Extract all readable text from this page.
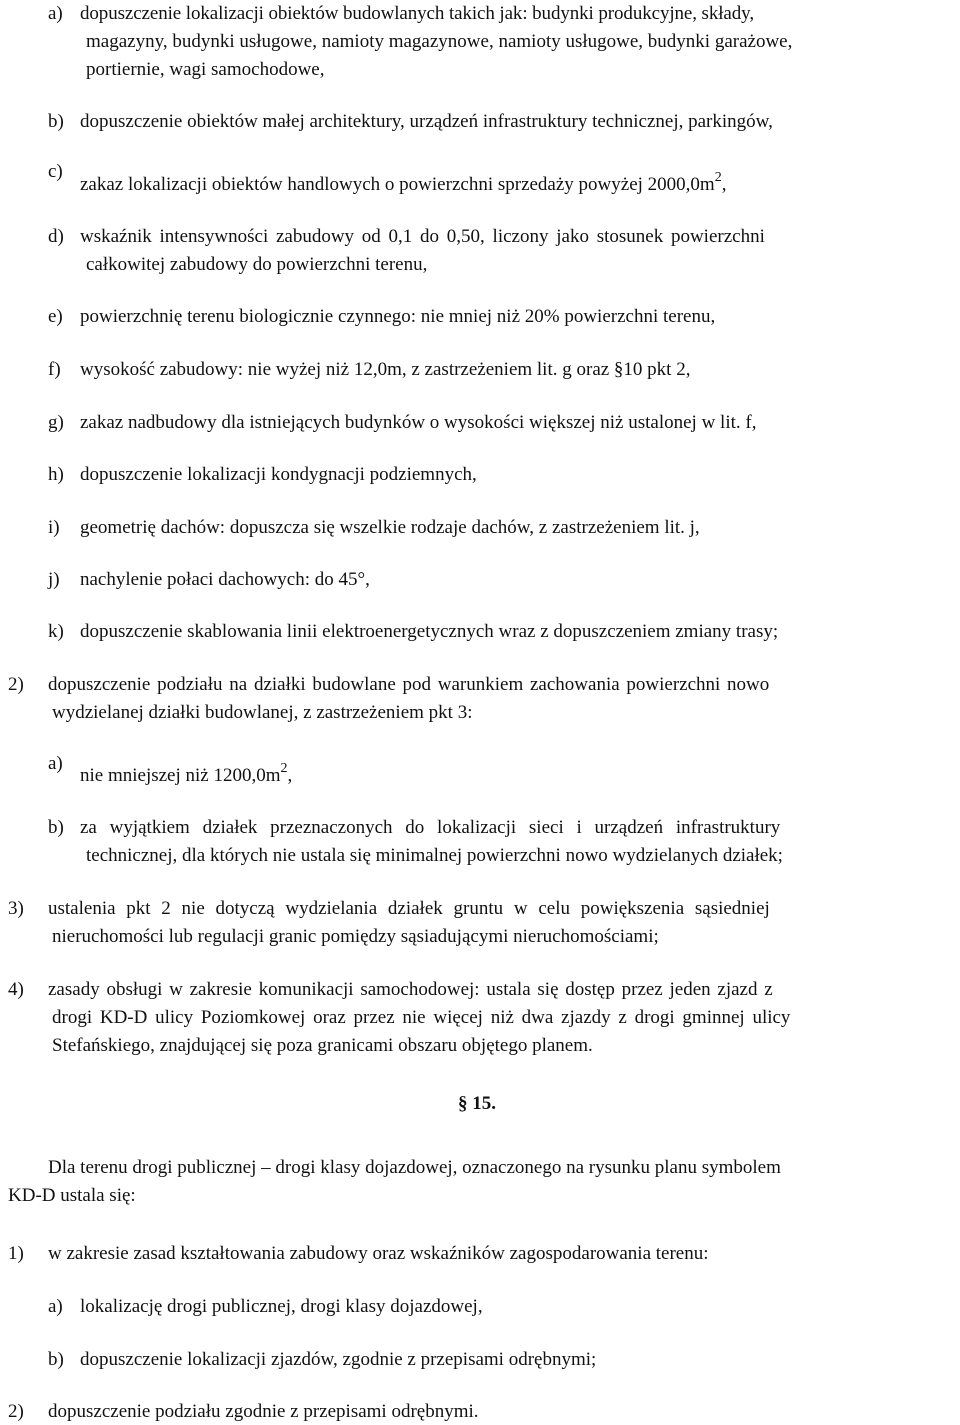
a) dopuszczenie lokalizacji obiektów budowlanych takich jak: budynki produkcyjne, składy,
magazyny, budynki usługowe, namioty magazynowe, namioty usługowe, budynki garażowe,
portiernie, wagi samochodowe,
b) dopuszczenie obiektów małej architektury, urządzeń infrastruktury technicznej, parkingów,
c)
zakaz lokalizacji obiektów handlowych o powierzchni sprzedaży powyżej $2000,0m^2$,
d) wskaźnik intensywności zabudowy od 0,1 do 0,50, liczony jako stosunek powierzchni
całkowitej zabudowy do powierzchni terenu,
e) powierzchnię terenu biologicznie czynnego: nie mniej niż 20% powierzchni terenu,
f) wysokość zabudowy: nie wyżej niż 12,0m, z zastrzeżeniem lit. g oraz §10 pkt 2,
g) zakaz nadbudowy dla istniejących budynków o wysokości większej niż ustalonej w lit. f,
h) dopuszczenie lokalizacji kondygnacji podziemnych,
i) geometrię dachów: dopuszcza się wszelkie rodzaje dachów, z zastrzeżeniem lit. j,
j) nachylenie połaci dachowych: do 45°,
k) dopuszczenie skablowania linii elektroenergetycznych wraz z dopuszczeniem zmiany trasy;
2) dopuszczenie podziału na działki budowlane pod warunkiem zachowania powierzchni nowo
wydzielanej działki budowlanej, z zastrzeżeniem pkt 3:
a)
nie mniejszej niż $1200,0m^2$,
b) za wyjątkiem działek przeznaczonych do lokalizacji sieci i urządzeń infrastruktury
technicznej, dla których nie ustala się minimalnej powierzchni nowo wydzielanych działek;
3) ustalenia pkt 2 nie dotyczą wydzielania działek gruntu w celu powiększenia sąsiedniej
nieruchomości lub regulacji granic pomiędzy sąsiadującymi nieruchomościami;
4) zasady obsługi w zakresie komunikacji samochodowej: ustala się dostęp przez jeden zjazd z
drogi KD-D ulicy Poziomkowej oraz przez nie więcej niż dwa zjazdy z drogi gminnej ulicy
Stefańskiego, znajdującej się poza granicami obszaru objętego planem.
§ 15.
Dla terenu drogi publicznej – drogi klasy dojazdowej, oznaczonego na rysunku planu symbolem
KD-D ustala się:
1) w zakresie zasad kształtowania zabudowy oraz wskaźników zagospodarowania terenu:
a) lokalizację drogi publicznej, drogi klasy dojazdowej,
b) dopuszczenie lokalizacji zjazdów, zgodnie z przepisami odrębnymi;
2) dopuszczenie podziału zgodnie z przepisami odrębnymi.
